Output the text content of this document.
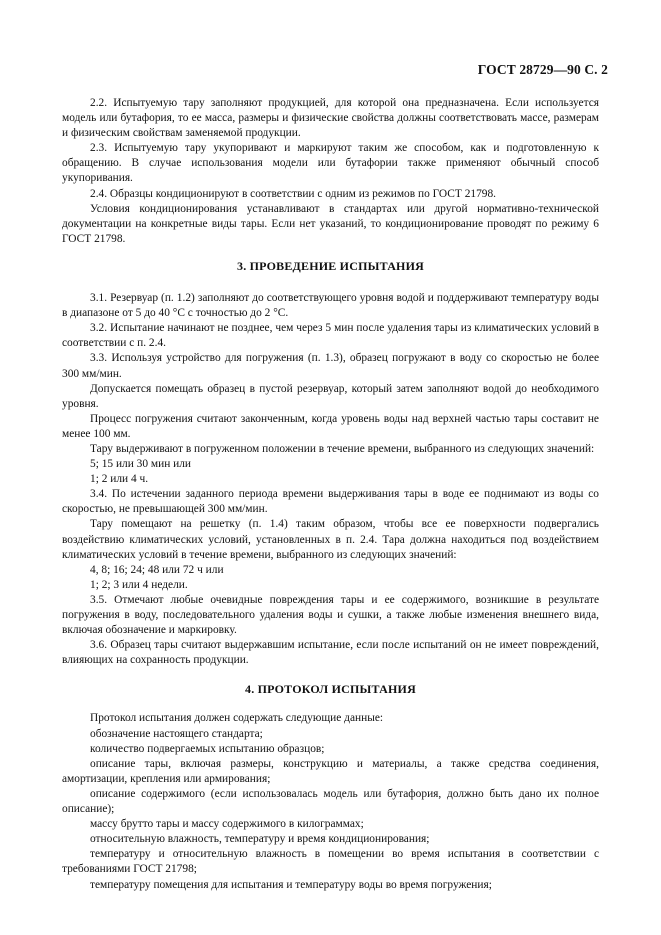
ГОСТ 28729—90 С. 2

2.2. Испытуемую тару заполняют продукцией, для которой она предназначена. Если используется модель или бутафория, то ее масса, размеры и физические свойства должны соответствовать массе, размерам и физическим свойствам заменяемой продукции.

2.3. Испытуемую тару укупоривают и маркируют таким же способом, как и подготовленную к обращению. В случае использования модели или бутафории также применяют обычный способ укупоривания.

2.4. Образцы кондиционируют в соответствии с одним из режимов по ГОСТ 21798.

Условия кондиционирования устанавливают в стандартах или другой нормативно-технической документации на конкретные виды тары. Если нет указаний, то кондиционирование проводят по режиму 6 ГОСТ 21798.

3. ПРОВЕДЕНИЕ ИСПЫТАНИЯ

3.1. Резервуар (п. 1.2) заполняют до соответствующего уровня водой и поддерживают температуру воды в диапазоне от 5 до 40 °С с точностью до 2 °С.

3.2. Испытание начинают не позднее, чем через 5 мин после удаления тары из климатических условий в соответствии с п. 2.4.

3.3. Используя устройство для погружения (п. 1.3), образец погружают в воду со скоростью не более 300 мм/мин.

Допускается помещать образец в пустой резервуар, который затем заполняют водой до необходимого уровня.

Процесс погружения считают законченным, когда уровень воды над верхней частью тары составит не менее 100 мм.

Тару выдерживают в погруженном положении в течение времени, выбранного из следующих значений:

5; 15 или 30 мин или

1; 2 или 4 ч.

3.4. По истечении заданного периода времени выдерживания тары в воде ее поднимают из воды со скоростью, не превышающей 300 мм/мин.

Тару помещают на решетку (п. 1.4) таким образом, чтобы все ее поверхности подвергались воздействию климатических условий, установленных в п. 2.4. Тара должна находиться под воздействием климатических условий в течение времени, выбранного из следующих значений:

4, 8; 16; 24; 48 или 72 ч или

1; 2; 3 или 4 недели.

3.5. Отмечают любые очевидные повреждения тары и ее содержимого, возникшие в результате погружения в воду, последовательного удаления воды и сушки, а также любые изменения внешнего вида, включая обозначение и маркировку.

3.6. Образец тары считают выдержавшим испытание, если после испытаний он не имеет повреждений, влияющих на сохранность продукции.

4. ПРОТОКОЛ ИСПЫТАНИЯ

Протокол испытания должен содержать следующие данные:

обозначение настоящего стандарта;

количество подвергаемых испытанию образцов;

описание тары, включая размеры, конструкцию и материалы, а также средства соединения, амортизации, крепления или армирования;

описание содержимого (если использовалась модель или бутафория, должно быть дано их полное описание);

массу брутто тары и массу содержимого в килограммах;

относительную влажность, температуру и время кондиционирования;

температуру и относительную влажность в помещении во время испытания в соответствии с требованиями ГОСТ 21798;

температуру помещения для испытания и температуру воды во время погружения;
